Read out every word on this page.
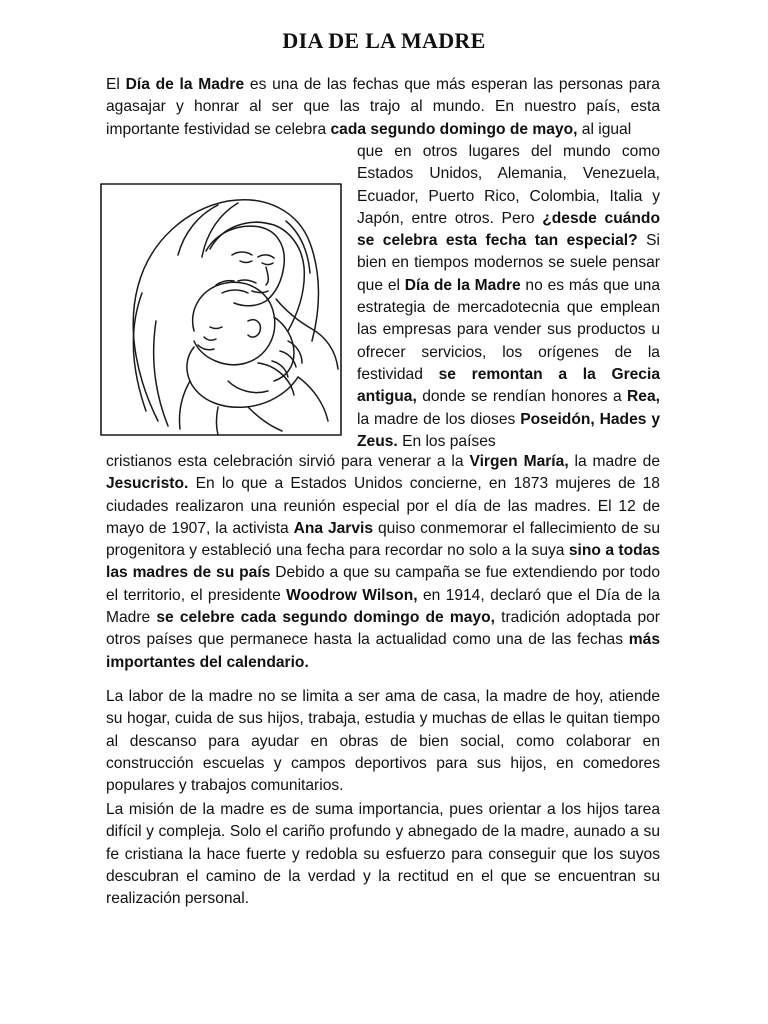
DIA DE LA MADRE
El Día de la Madre es una de las fechas que más esperan las personas para agasajar y honrar al ser que las trajo al mundo. En nuestro país, esta importante festividad se celebra cada segundo domingo de mayo, al igual
que en otros lugares del mundo como Estados Unidos, Alemania, Venezuela, Ecuador, Puerto Rico, Colombia, Italia y Japón, entre otros. Pero ¿desde cuándo se celebra esta fecha tan especial? Si bien en tiempos modernos se suele pensar que el Día de la Madre no es más que una estrategia de mercadotecnia que emplean las empresas para vender sus productos u ofrecer servicios, los orígenes de la festividad se remontan a la Grecia antigua, donde se rendían honores a Rea, la madre de los dioses Poseidón, Hades y Zeus. En los países
cristianos esta celebración sirvió para venerar a la Virgen María, la madre de Jesucristo. En lo que a Estados Unidos concierne, en 1873 mujeres de 18 ciudades realizaron una reunión especial por el día de las madres. El 12 de mayo de 1907, la activista Ana Jarvis quiso conmemorar el fallecimiento de su progenitora y estableció una fecha para recordar no solo a la suya sino a todas las madres de su país Debido a que su campaña se fue extendiendo por todo el territorio, el presidente Woodrow Wilson, en 1914, declaró que el Día de la Madre se celebre cada segundo domingo de mayo, tradición adoptada por otros países que permanece hasta la actualidad como una de las fechas más importantes del calendario.
La labor de la madre no se limita a ser ama de casa, la madre de hoy, atiende su hogar, cuida de sus hijos, trabaja, estudia y muchas de ellas le quitan tiempo al descanso para ayudar en obras de bien social, como colaborar en construcción escuelas y campos deportivos para sus hijos, en comedores populares y trabajos comunitarios.
La misión de la madre es de suma importancia, pues orientar a los hijos tarea difícil y compleja. Solo el cariño profundo y abnegado de la madre, aunado a su fe cristiana la hace fuerte y redobla su esfuerzo para conseguir que los suyos descubran el camino de la verdad y la rectitud en el que se encuentran su realización personal.
